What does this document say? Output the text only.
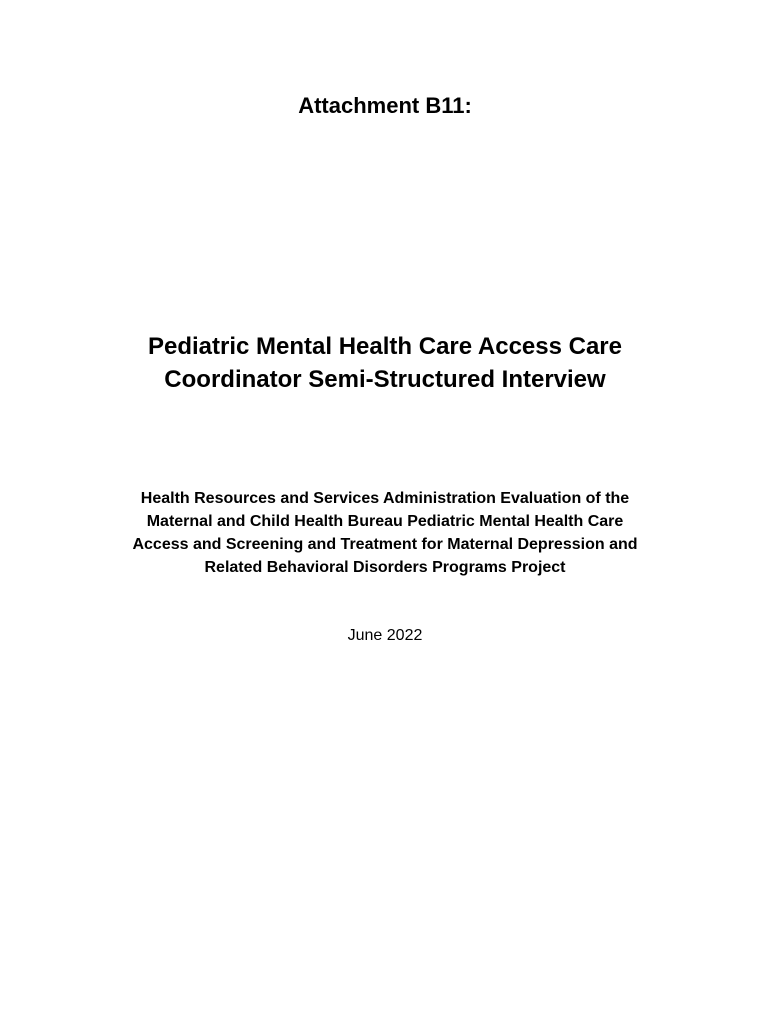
Attachment B11:
Pediatric Mental Health Care Access Care
Coordinator Semi-Structured Interview
Health Resources and Services Administration Evaluation of the
Maternal and Child Health Bureau Pediatric Mental Health Care
Access and Screening and Treatment for Maternal Depression and
Related Behavioral Disorders Programs Project
June 2022
